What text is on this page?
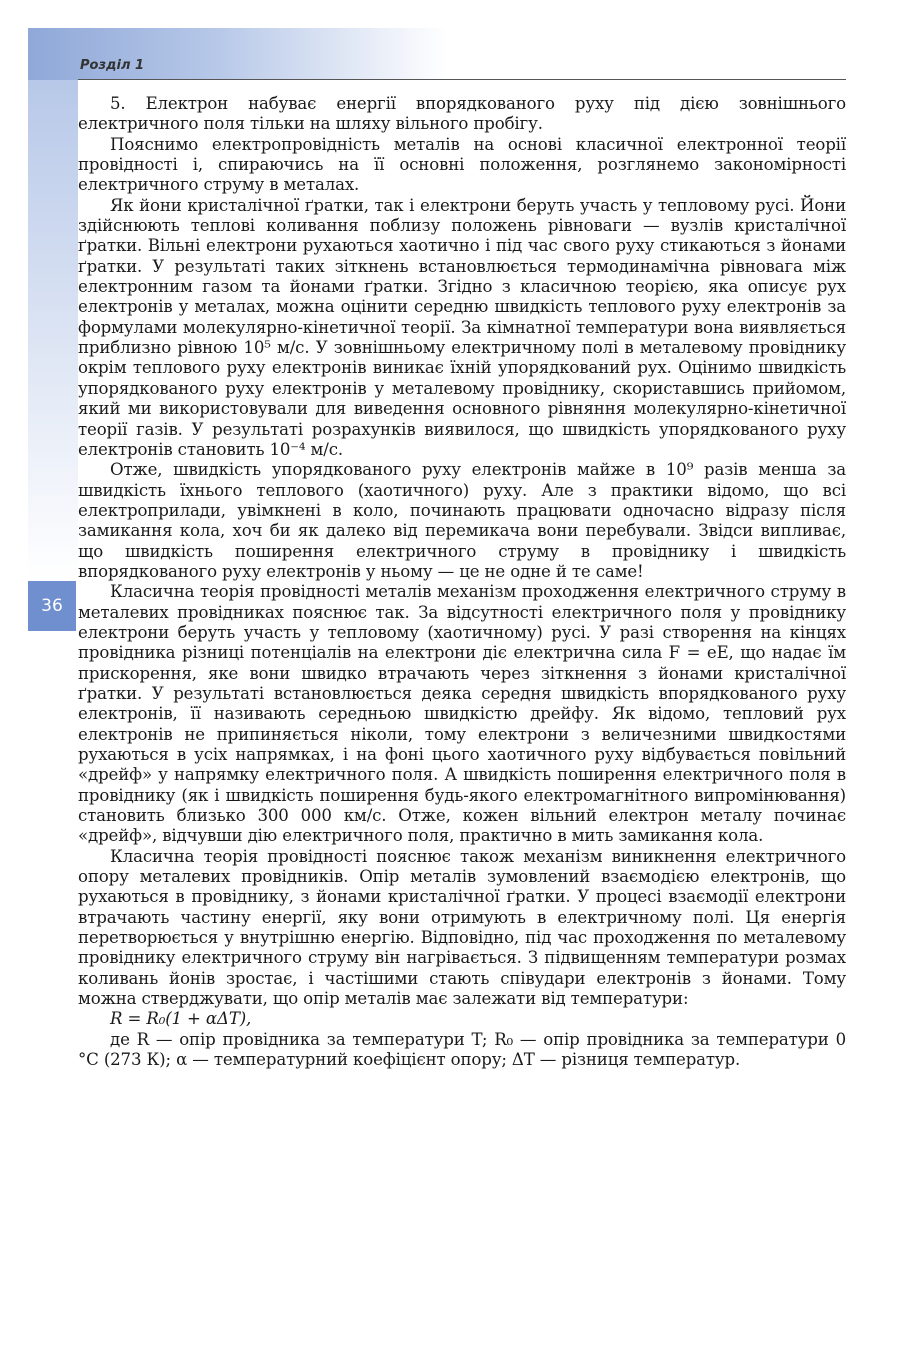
Розділ 1
36

5. Електрон набуває енергії впорядкованого руху під дією зовнішнього електричного поля тільки на шляху вільного пробігу.

Пояснимо електропровідність металів на основі класичної електронної теорії провідності і, спираючись на її основні положення, розглянемо закономірності електричного струму в металах.

Як йони кристалічної ґратки, так і електрони беруть участь у тепловому русі. Йони здійснюють теплові коливання поблизу положень рівноваги — вузлів кристалічної ґратки. Вільні електрони рухаються хаотично і під час свого руху стикаються з йонами ґратки. У результаті таких зіткнень встановлюється термодинамічна рівновага між електронним газом та йонами ґратки. Згідно з класичною теорією, яка описує рух електронів у металах, можна оцінити середню швидкість теплового руху електронів за формулами молекулярно-кінетичної теорії. За кімнатної температури вона виявляється приблизно рівною 10⁵ м/с. У зовнішньому електричному полі в металевому провіднику окрім теплового руху електронів виникає їхній упорядкований рух. Оцінимо швидкість упорядкованого руху електронів у металевому провіднику, скориставшись прийомом, який ми використовували для виведення основного рівняння молекулярно-кінетичної теорії газів. У результаті розрахунків виявилося, що швидкість упорядкованого руху електронів становить 10⁻⁴ м/с.

Отже, швидкість упорядкованого руху електронів майже в 10⁹ разів менша за швидкість їхнього теплового (хаотичного) руху. Але з практики відомо, що всі електроприлади, увімкнені в коло, починають працювати одночасно відразу після замикання кола, хоч би як далеко від перемикача вони перебували. Звідси випливає, що швидкість поширення електричного струму в провіднику і швидкість впорядкованого руху електронів у ньому — це не одне й те саме!

Класична теорія провідності металів механізм проходження електричного струму в металевих провідниках пояснює так. За відсутності електричного поля у провіднику електрони беруть участь у тепловому (хаотичному) русі. У разі створення на кінцях провідника різниці потенціалів на електрони діє електрична сила F = eE, що надає їм прискорення, яке вони швидко втрачають через зіткнення з йонами кристалічної ґратки. У результаті встановлюється деяка середня швидкість впорядкованого руху електронів, її називають середньою швидкістю дрейфу. Як відомо, тепловий рух електронів не припиняється ніколи, тому електрони з величезними швидкостями рухаються в усіх напрямках, і на фоні цього хаотичного руху відбувається повільний «дрейф» у напрямку електричного поля. А швидкість поширення електричного поля в провіднику (як і швидкість поширення будь-якого електромагнітного випромінювання) становить близько 300 000 км/с. Отже, кожен вільний електрон металу починає «дрейф», відчувши дію електричного поля, практично в мить замикання кола.

Класична теорія провідності пояснює також механізм виникнення електричного опору металевих провідників. Опір металів зумовлений взаємодією електронів, що рухаються в провіднику, з йонами кристалічної ґратки. У процесі взаємодії електрони втрачають частину енергії, яку вони отримують в електричному полі. Ця енергія перетворюється у внутрішню енергію. Відповідно, під час проходження по металевому провіднику електричного струму він нагрівається. З підвищенням температури розмах коливань йонів зростає, і частішими стають співудари електронів з йонами. Тому можна стверджувати, що опір металів має залежати від температури:

R = R₀(1 + αΔT),

де R — опір провідника за температури T; R₀ — опір провідника за температури 0 °C (273 К); α — температурний коефіцієнт опору; ΔT — різниця температур.
